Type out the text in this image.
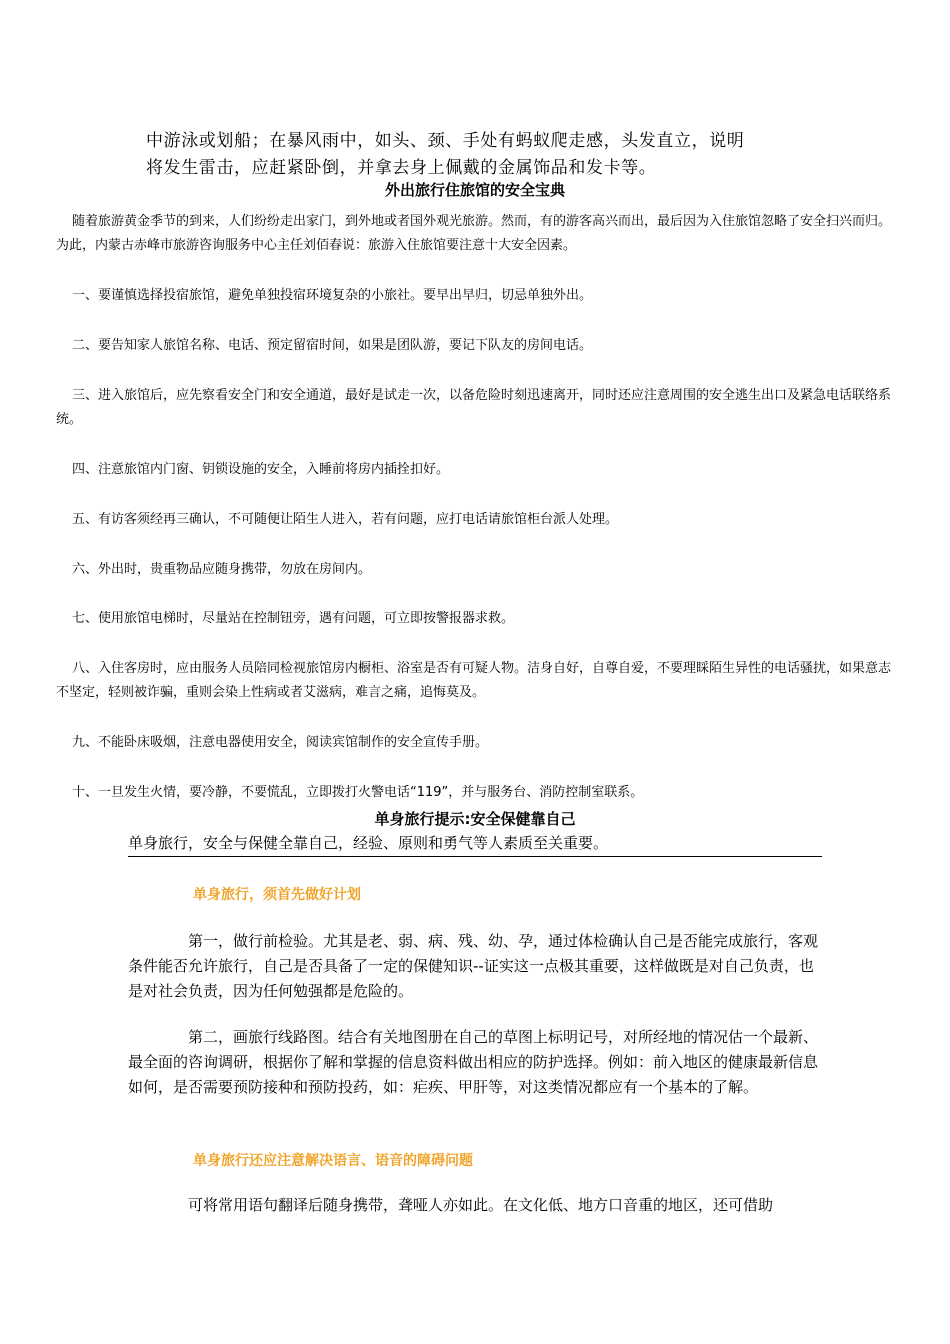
中游泳或划船；在暴风雨中，如头、颈、手处有蚂蚁爬走感，头发直立，说明
将发生雷击，应赶紧卧倒，并拿去身上佩戴的金属饰品和发卡等。
外出旅行住旅馆的安全宝典
随着旅游黄金季节的到来，人们纷纷走出家门，到外地或者国外观光旅游。然而，有的游客高兴而出，最后因为入住旅馆忽略了安全扫兴而归。为此，内蒙古赤峰市旅游咨询服务中心主任刘佰春说：旅游入住旅馆要注意十大安全因素。
一、要谨慎选择投宿旅馆，避免单独投宿环境复杂的小旅社。要早出早归，切忌单独外出。
二、要告知家人旅馆名称、电话、预定留宿时间，如果是团队游，要记下队友的房间电话。
三、进入旅馆后，应先察看安全门和安全通道，最好是试走一次，以备危险时刻迅速离开，同时还应注意周围的安全逃生出口及紧急电话联络系统。
四、注意旅馆内门窗、钥锁设施的安全，入睡前将房内插拴扣好。
五、有访客须经再三确认，不可随便让陌生人进入，若有问题，应打电话请旅馆柜台派人处理。
六、外出时，贵重物品应随身携带，勿放在房间内。
七、使用旅馆电梯时，尽量站在控制钮旁，遇有问题，可立即按警报器求救。
八、入住客房时，应由服务人员陪同检视旅馆房内橱柜、浴室是否有可疑人物。洁身自好，自尊自爱，不要理睬陌生异性的电话骚扰，如果意志不坚定，轻则被诈骗，重则会染上性病或者艾滋病，难言之痛，追悔莫及。
九、不能卧床吸烟，注意电器使用安全，阅读宾馆制作的安全宣传手册。
十、一旦发生火情，要冷静，不要慌乱，立即拨打火警电话“119”，并与服务台、消防控制室联系。
单身旅行提示:安全保健靠自己
单身旅行，安全与保健全靠自己，经验、原则和勇气等人素质至关重要。
单身旅行，须首先做好计划
第一，做行前检验。尤其是老、弱、病、残、幼、孕，通过体检确认自己是否能完成旅行，客观条件能否允许旅行，自己是否具备了一定的保健知识--证实这一点极其重要，这样做既是对自己负责，也是对社会负责，因为任何勉强都是危险的。
第二，画旅行线路图。结合有关地图册在自己的草图上标明记号，对所经地的情况估一个最新、最全面的咨询调研，根据你了解和掌握的信息资料做出相应的防护选择。例如：前入地区的健康最新信息如何，是否需要预防接种和预防投药，如：疟疾、甲肝等，对这类情况都应有一个基本的了解。
单身旅行还应注意解决语言、语音的障碍问题
可将常用语句翻译后随身携带，聋哑人亦如此。在文化低、地方口音重的地区，还可借助
